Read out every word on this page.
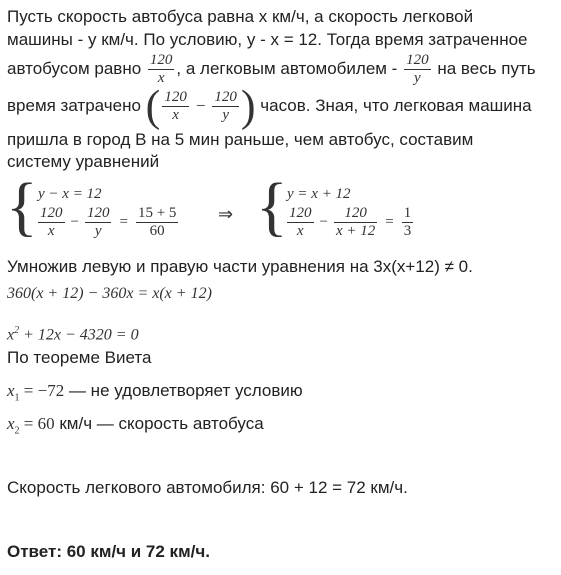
Пусть скорость автобуса равна x км/ч, а скорость легковой
машины - y км/ч. По условию, y - x = 12. Тогда время затраченное
автобусом равно $\frac{120}{x}$ , а легковым автомобилем - $\frac{120}{y}$ на весь путь
время затрачено ( $\frac{120}{x} - \frac{120}{y}$ ) часов. Зная, что легковая машина
пришла в город B на 5 мин раньше, чем автобус, составим
систему уравнений
{ y − x = 12
$\frac{120}{x} - \frac{120}{y} = \frac{15 + 5}{60}$ ⇒ { y = x + 12
$\frac{120}{x} - \frac{120}{x + 12} = \frac{1}{3}$
Умножив левую и правую части уравнения на 3x(x+12) ≠ 0.
360(x + 12) − 360x = x(x + 12)
$x^2 + 12x - 4320 = 0$
По теореме Виета
$x_1 = -72$ — не удовлетворяет условию
$x_2 = 60$ км/ч — скорость автобуса
Скорость легкового автомобиля: 60 + 12 = 72 км/ч.
Ответ: 60 км/ч и 72 км/ч.
